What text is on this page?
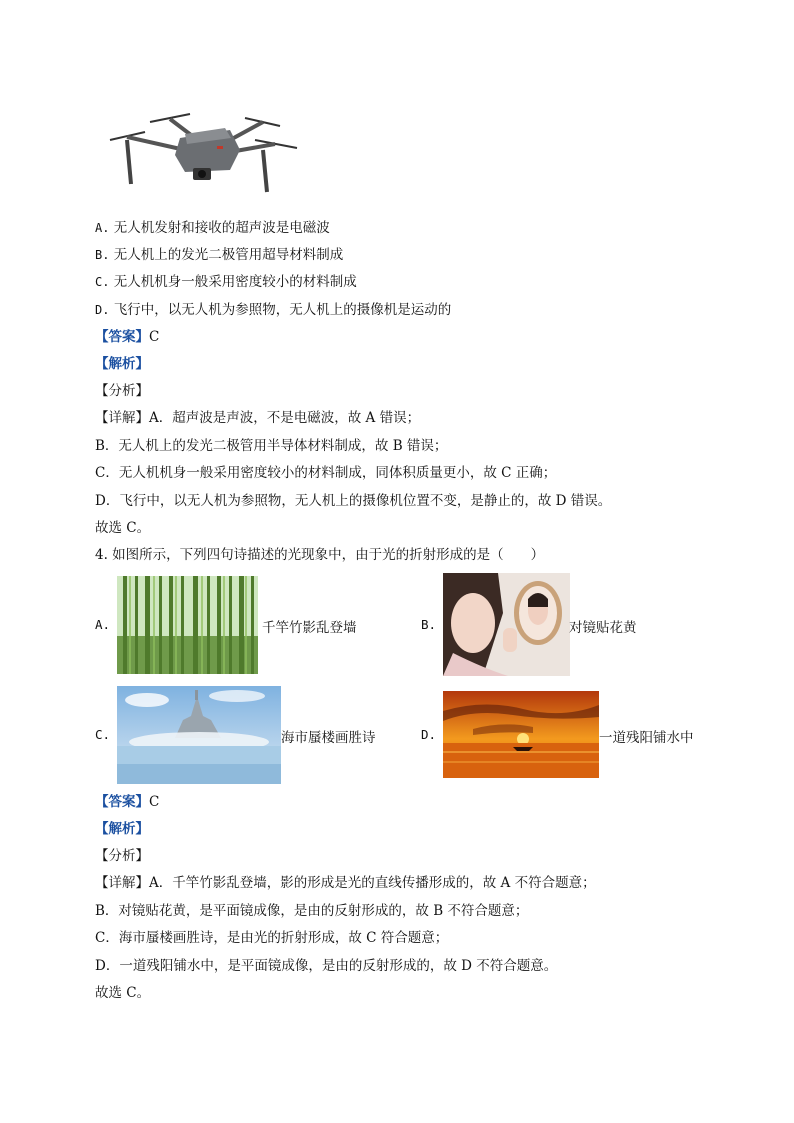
A. 无人机发射和接收的超声波是电磁波
B. 无人机上的发光二极管用超导材料制成
C. 无人机机身一般采用密度较小的材料制成
D. 飞行中，以无人机为参照物，无人机上的摄像机是运动的
【答案】C
【解析】
【分析】
【详解】A．超声波是声波，不是电磁波，故 A 错误；
B．无人机上的发光二极管用半导体材料制成，故 B 错误；
C．无人机机身一般采用密度较小的材料制成，同体积质量更小，故 C 正确；
D．飞行中，以无人机为参照物，无人机上的摄像机位置不变，是静止的，故 D 错误。
故选 C。
4. 如图所示，下列四句诗描述的光现象中，由于光的折射形成的是（　　）
A.	千竿竹影乱登墙	B.	对镜贴花黄
C.	海市蜃楼画胜诗	D.	一道残阳铺水中
【答案】C
【解析】
【分析】
【详解】A．千竿竹影乱登墙，影的形成是光的直线传播形成的，故 A 不符合题意；
B．对镜贴花黄，是平面镜成像，是由的反射形成的，故 B 不符合题意；
C．海市蜃楼画胜诗，是由光的折射形成，故 C 符合题意；
D．一道残阳铺水中，是平面镜成像，是由的反射形成的，故 D 不符合题意。
故选 C。
